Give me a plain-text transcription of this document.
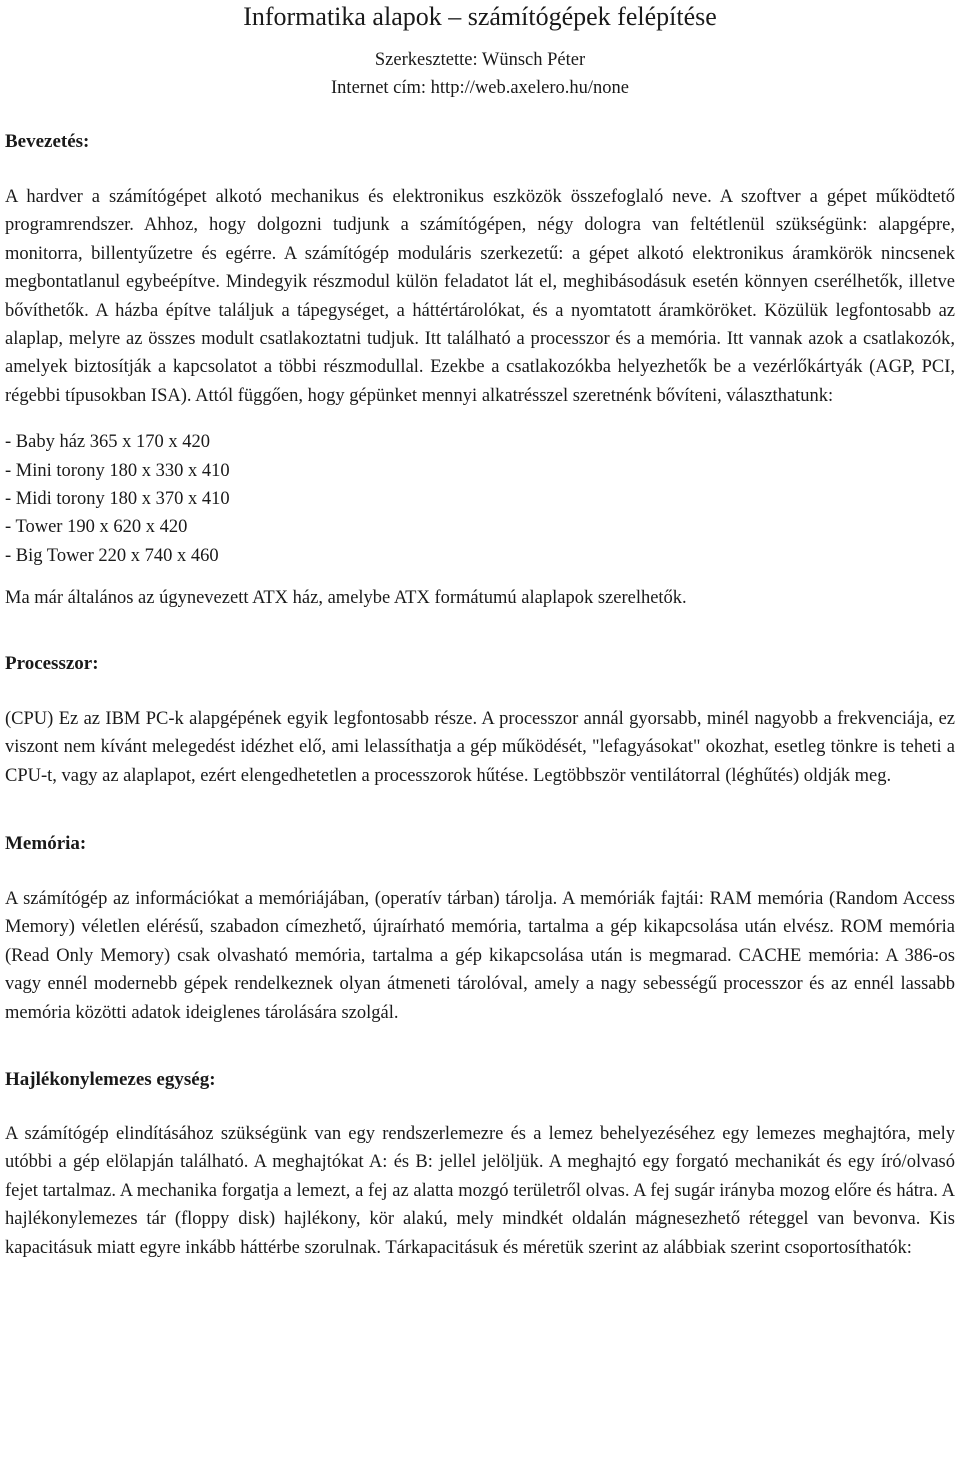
Informatika alapok – számítógépek felépítése
Szerkesztette: Wünsch Péter
Internet cím: http://web.axelero.hu/none
Bevezetés:

A hardver a számítógépet alkotó mechanikus és elektronikus eszközök összefoglaló neve. A szoftver a gépet működtető programrendszer. Ahhoz, hogy dolgozni tudjunk a számítógépen, négy dologra van feltétlenül szükségünk: alapgépre, monitorra, billentyűzetre és egérre. A számítógép moduláris szerkezetű: a gépet alkotó elektronikus áramkörök nincsenek megbontatlanul egybeépítve. Mindegyik részmodul külön feladatot lát el, meghibásodásuk esetén könnyen cserélhetők, illetve bővíthetők. A házba építve találjuk a tápegységet, a háttértárolókat, és a nyomtatott áramköröket. Közülük legfontosabb az alaplap, melyre az összes modult csatlakoztatni tudjuk. Itt található a processzor és a memória. Itt vannak azok a csatlakozók, amelyek biztosítják a kapcsolatot a többi részmodullal. Ezekbe a csatlakozókba helyezhetők be a vezérlőkártyák (AGP, PCI, régebbi típusokban ISA). Attól függően, hogy gépünket mennyi alkatrésszel szeretnénk bővíteni, választhatunk:

- Baby ház 365 x 170 x 420
- Mini torony 180 x 330 x 410
- Midi torony 180 x 370 x 410
- Tower 190 x 620 x 420
- Big Tower 220 x 740 x 460

Ma már általános az úgynevezett ATX ház, amelybe ATX formátumú alaplapok szerelhetők.

Processzor:

(CPU) Ez az IBM PC-k alapgépének egyik legfontosabb része. A processzor annál gyorsabb, minél nagyobb a frekvenciája, ez viszont nem kívánt melegedést idézhet elő, ami lelassíthatja a gép működését, "lefagyásokat" okozhat, esetleg tönkre is teheti a CPU-t, vagy az alaplapot, ezért elengedhetetlen a processzorok hűtése. Legtöbbször ventilátorral (léghűtés) oldják meg.

Memória:

A számítógép az információkat a memóriájában, (operatív tárban) tárolja. A memóriák fajtái: RAM memória (Random Access Memory) véletlen elérésű, szabadon címezhető, újraírható memória, tartalma a gép kikapcsolása után elvész. ROM memória (Read Only Memory) csak olvasható memória, tartalma a gép kikapcsolása után is megmarad. CACHE memória: A 386-os vagy ennél modernebb gépek rendelkeznek olyan átmeneti tárolóval, amely a nagy sebességű processzor és az ennél lassabb memória közötti adatok ideiglenes tárolására szolgál.

Hajlékonylemezes egység:

A számítógép elindításához szükségünk van egy rendszerlemezre és a lemez behelyezéséhez egy lemezes meghajtóra, mely utóbbi a gép elölapján található. A meghajtókat A: és B: jellel jelöljük. A meghajtó egy forgató mechanikát és egy író/olvasó fejet tartalmaz. A mechanika forgatja a lemezt, a fej az alatta mozgó területről olvas. A fej sugár irányba mozog előre és hátra. A hajlékonylemezes tár (floppy disk) hajlékony, kör alakú, mely mindkét oldalán mágnesezhető réteggel van bevonva. Kis kapacitásuk miatt egyre inkább háttérbe szorulnak. Tárkapacitásuk és méretük szerint az alábbiak szerint csoportosíthatók:
